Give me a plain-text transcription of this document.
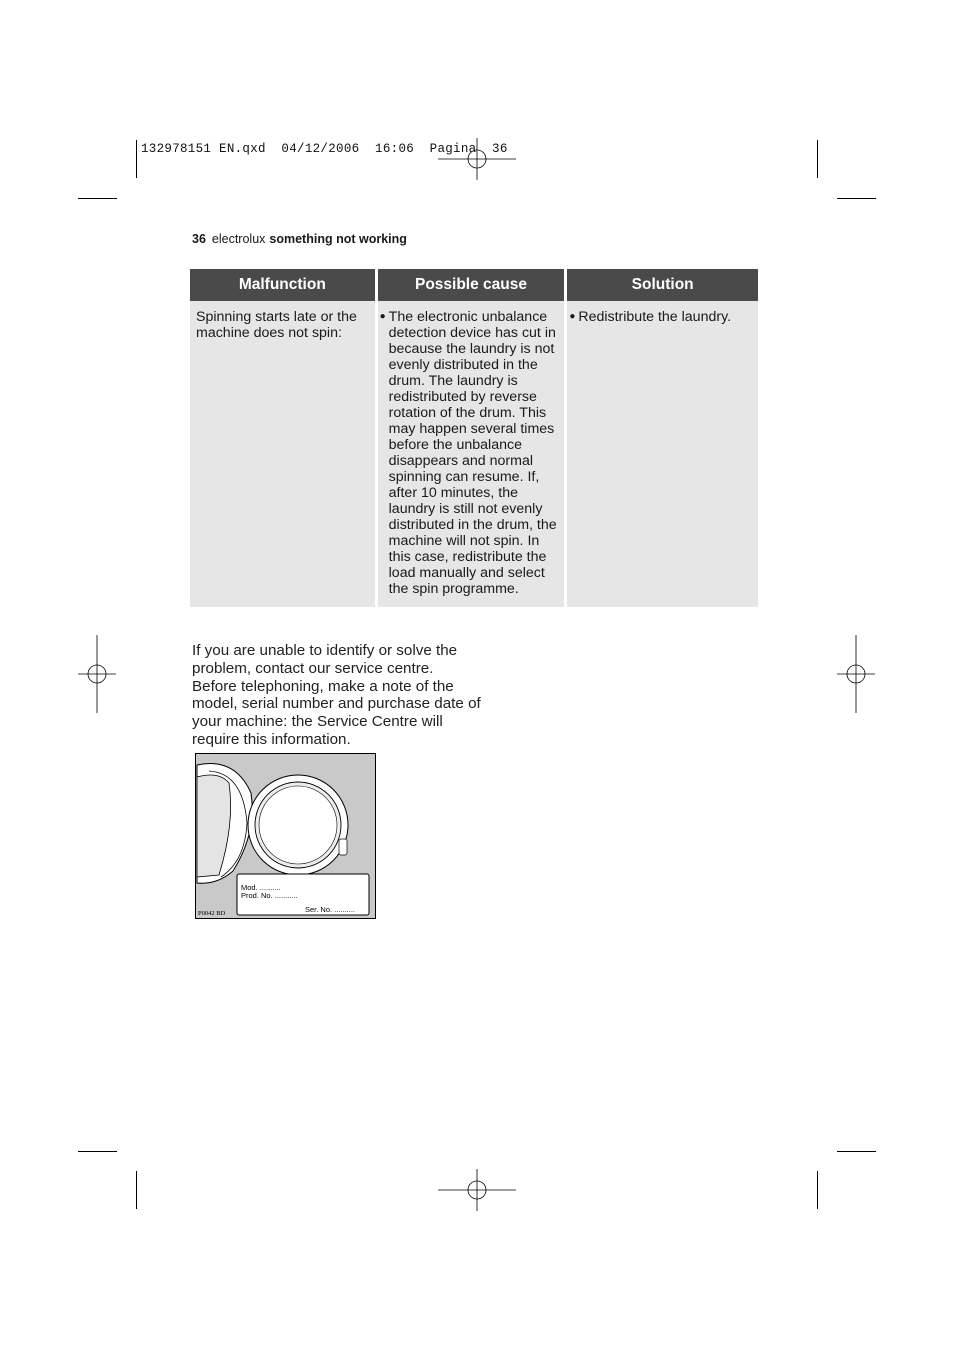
132978151 EN.qxd  04/12/2006  16:06  Pagina  36
36 electrolux something not working
Malfunction	Possible cause	Solution
Spinning starts late or the machine does not spin:	● The electronic unbalance detection device has cut in because the laundry is not evenly distributed in the drum. The laundry is redistributed by reverse rotation of the drum. This may happen several times before the unbalance disappears and normal spinning can resume. If, after 10 minutes, the laundry is still not evenly distributed in the drum, the machine will not spin. In this case, redistribute the load manually and select the spin programme.	● Redistribute the laundry.
If you are unable to identify or solve the problem, contact our service centre. Before telephoning, make a note of the model, serial number and purchase date of your machine: the Service Centre will require this information.
Mod. ..........
Prod. No. ...........
Ser. No. ..........
P0042 BD
